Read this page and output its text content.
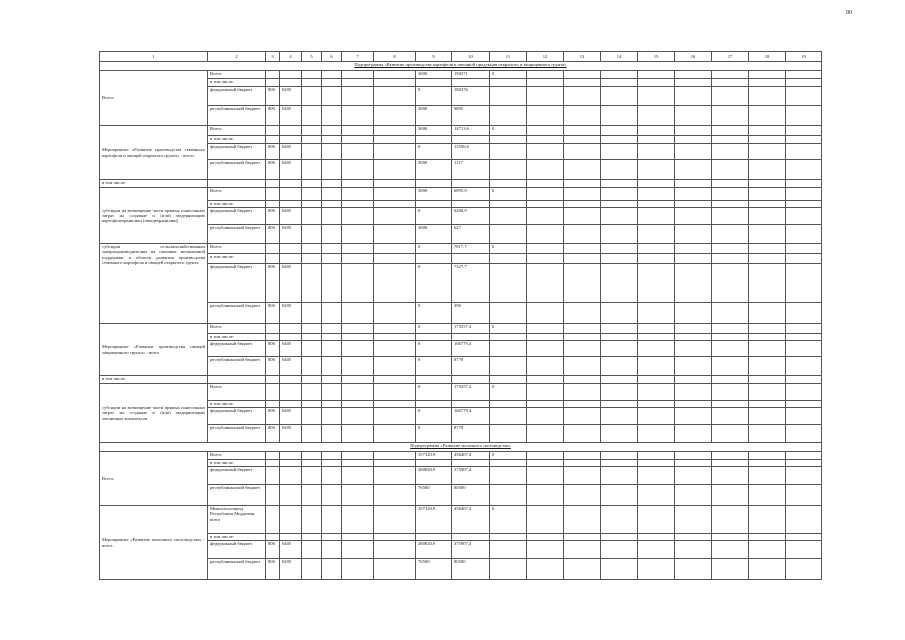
90
1	2	3	4	5	6	7	8	9	10	11	12	13	14	15	16	17	18	19
Подпрограмма «Развитие производства картофеля и овощной продукции открытого и защищенного грунта»																		
Всего:	Всего:							3000	190271	0								
	в том числе:																	
	федеральный бюджет	806	0405					0	180376									
	республиканский бюджет	806	0405					3000	9895									
Мероприятие «Развитие производства семенного картофеля и овощей открытого грунта» - всего:	Всего:							3000	14713,6	0								
	в том числе:																	
	федеральный бюджет	806	0405					0	13596,6									
	республиканский бюджет	806	0405					3000	1117									
в том числе:																		
субсидии на возмещение части прямых понесенных затрат на создание и (или) модернизацию картофелехранилищ (овощехранилищ)	Всего:							3000	6895,9	0								
	в том числе:																	
	федеральный бюджет	806	0405					0	6268,9									
	республиканский бюджет	806	0405					3000	627									
субсидии сельскохозяйственным товаропроизводителям на оказание несвязанной поддержки в области развития производства семенного картофеля и овощей открытого грунта	Всего:							0	7817,7	0								
	в том числе:																	
	федеральный бюджет	806	0405					0	7327,7									
	республиканский бюджет	806	0405					0	490									
Мероприятие «Развитие производства овощей защищенного грунта» - всего	Всего:							0	175557,4	0								
	в том числе:																	
	федеральный бюджет	806	0405					0	166779,4									
	республиканский бюджет	806	0405					0	8778									
в том числе:																		
субсидии на возмещение части прямых понесенных затрат на создание и (или) модернизацию тепличных комплексов	Всего:							0	175557,4	0								
	в том числе:																	
	федеральный бюджет	806	0405					0	166779,4									
	республиканский бюджет	806	0405					0	8778									
Подпрограмма «Развитие молочного скотоводства»																		
Всего:	Всего:							357320,9	456407,4	0								
	в том числе:																	
	федеральный бюджет							280820,9	375907,4									
	республиканский бюджет							76500	80500									
Мероприятие «Развитие молочного скотоводства» - всего:	Минсельхозпрод Республики Мордовия, всего							357320,9	456407,4	0								
	в том числе:																	
	федеральный бюджет	806	0405					280820,9	375907,4									
	республиканский бюджет	806	0405					76500	80500									
